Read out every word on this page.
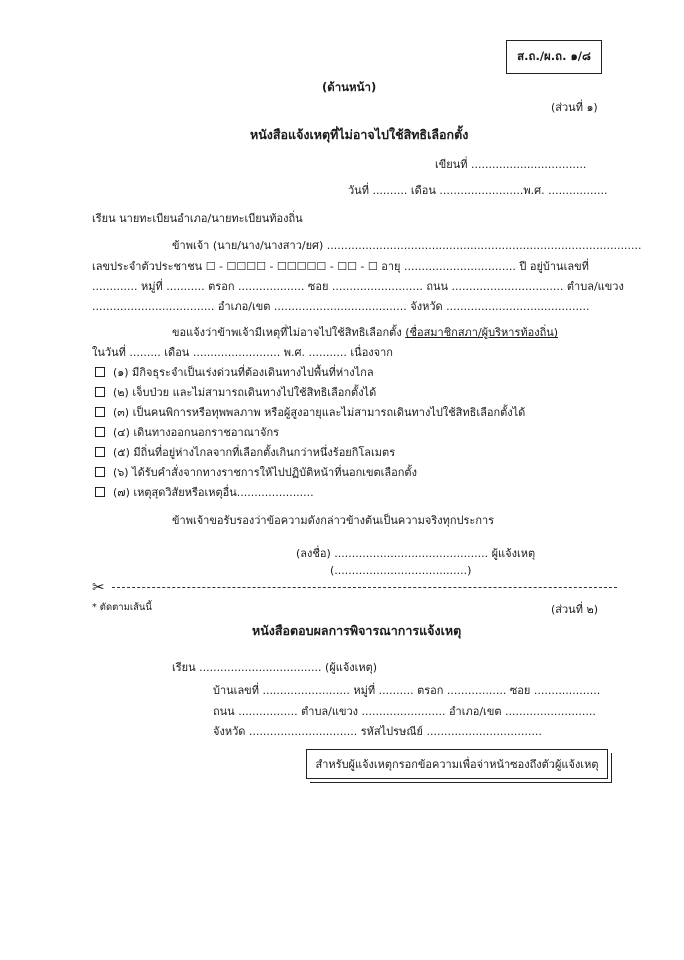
ส.ถ./ผ.ถ. ๑/๘
(ด้านหน้า)
(ส่วนที่ ๑)
หนังสือแจ้งเหตุที่ไม่อาจไปใช้สิทธิเลือกตั้ง
เขียนที่ .................................
วันที่ .......... เดือน ........................พ.ศ. .................
เรียน นายทะเบียนอำเภอ/นายทะเบียนท้องถิ่น
ข้าพเจ้า (นาย/นาง/นางสาว/ยศ) ..........................................................................................
เลขประจำตัวประชาชน ☐ - ☐☐☐☐ - ☐☐☐☐☐ - ☐☐ - ☐ อายุ ................................ ปี อยู่บ้านเลขที่
............. หมู่ที่ ........... ตรอก ................... ซอย .......................... ถนน ................................ ตำบล/แขวง
................................... อำเภอ/เขต ...................................... จังหวัด .........................................
ขอแจ้งว่าข้าพเจ้ามีเหตุที่ไม่อาจไปใช้สิทธิเลือกตั้ง (ชื่อสมาชิกสภา/ผู้บริหารท้องถิ่น)
ในวันที่ ......... เดือน ......................... พ.ศ. ........... เนื่องจาก
(๑) มีกิจธุระจำเป็นเร่งด่วนที่ต้องเดินทางไปพื้นที่ห่างไกล
(๒) เจ็บป่วย และไม่สามารถเดินทางไปใช้สิทธิเลือกตั้งได้
(๓) เป็นคนพิการหรือทุพพลภาพ หรือผู้สูงอายุและไม่สามารถเดินทางไปใช้สิทธิเลือกตั้งได้
(๔) เดินทางออกนอกราชอาณาจักร
(๕) มีถิ่นที่อยู่ห่างไกลจากที่เลือกตั้งเกินกว่าหนึ่งร้อยกิโลเมตร
(๖) ได้รับคำสั่งจากทางราชการให้ไปปฏิบัติหน้าที่นอกเขตเลือกตั้ง
(๗) เหตุสุดวิสัยหรือเหตุอื่น......................
ข้าพเจ้าขอรับรองว่าข้อความดังกล่าวข้างต้นเป็นความจริงทุกประการ
(ลงชื่อ) ............................................ ผู้แจ้งเหตุ
(......................................)
✂
* ตัดตามเส้นนี้	(ส่วนที่ ๒)
หนังสือตอบผลการพิจารณาการแจ้งเหตุ
เรียน ................................... (ผู้แจ้งเหตุ)
บ้านเลขที่ ......................... หมู่ที่ .......... ตรอก ................. ซอย ...................
ถนน ................. ตำบล/แขวง ........................ อำเภอ/เขต ..........................
จังหวัด ............................... รหัสไปรษณีย์ .................................
สำหรับผู้แจ้งเหตุกรอกข้อความเพื่อจ่าหน้าซองถึงตัวผู้แจ้งเหตุ
